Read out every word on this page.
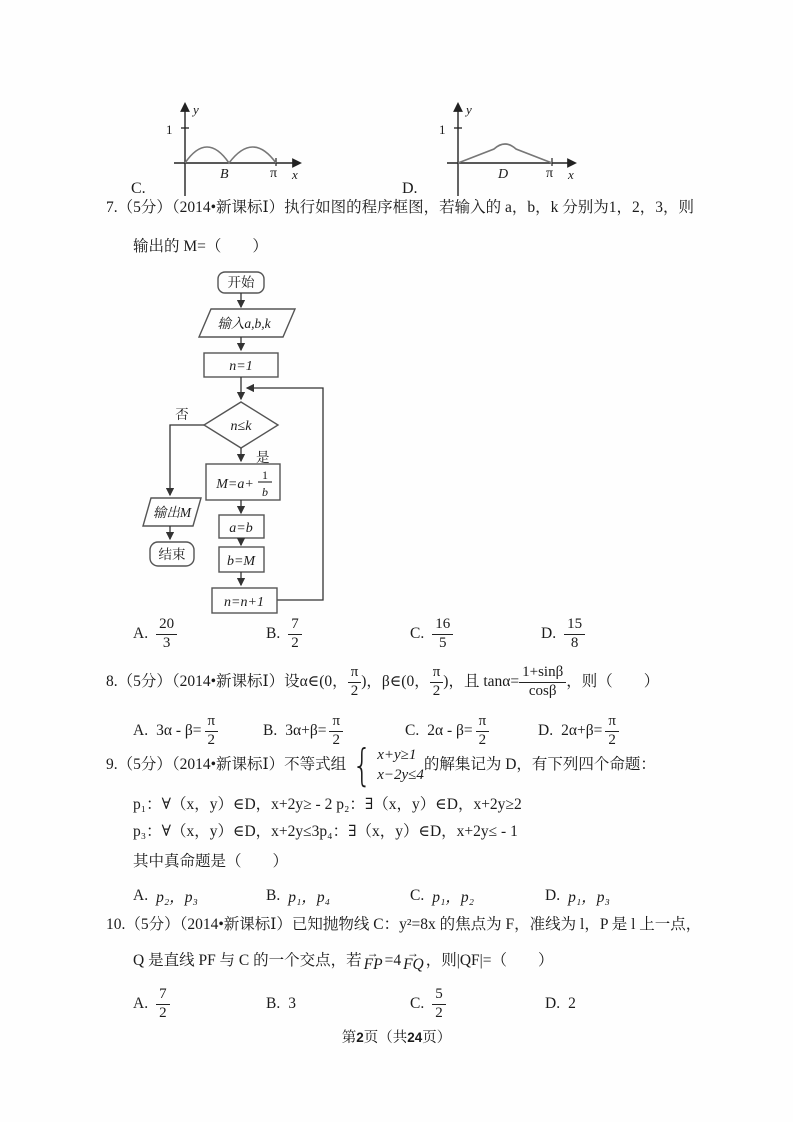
y
1
B	π x
C.
y
1
D	π x
D.
7.（5分）（2014•新课标Ⅰ）执行如图的程序框图，若输入的 a，b，k 分别为1，2，3，则
输出的 M=（　　）
开始
输入a,b,k
n=1
n≤k
否
是
M=a+
1
b
a=b
b=M
n=n+1
输出M
结束
A. $\frac{20}{3}$	B. $\frac{7}{2}$	C. $\frac{16}{5}$	D. $\frac{15}{8}$
8.（5分）（2014•新课标Ⅰ）设α∈(0， $\frac{\pi}{2}$ )，β∈(0， $\frac{\pi}{2}$ )，且 $\tan\alpha= \frac{1+\sin\beta}{\cos\beta}$ ，则（　　）
A. $3\alpha - \beta= \frac{\pi}{2}$	B. $3\alpha+\beta= \frac{\pi}{2}$	C. $2\alpha - \beta= \frac{\pi}{2}$	D. $2\alpha+\beta= \frac{\pi}{2}$
9.（5分）（2014•新课标Ⅰ）不等式组 { x+y≥1
x−2y≤4
的解集记为 D，有下列四个命题：
p₁：∀（x，y）∈D，x+2y≥ - 2 p₂：∃（x，y）∈D，x+2y≥2
p₃：∀（x，y）∈D，x+2y≤3p₄：∃（x，y）∈D，x+2y≤ - 1
其中真命题是（　　）
A. p₂，p₃	B. p₁，p₄	C. p₁，p₂	D. p₁，p₃
10.（5分）（2014•新课标Ⅰ）已知抛物线 C：y²=8x 的焦点为 F，准线为 l，P 是 l 上一点，
Q 是直线 PF 与 C 的一个交点，若 →
FP =4 →
FQ ，则|QF|=（　　）
A. $\frac{7}{2}$	B. 3	C. $\frac{5}{2}$	D. 2
第2页（共24页）
